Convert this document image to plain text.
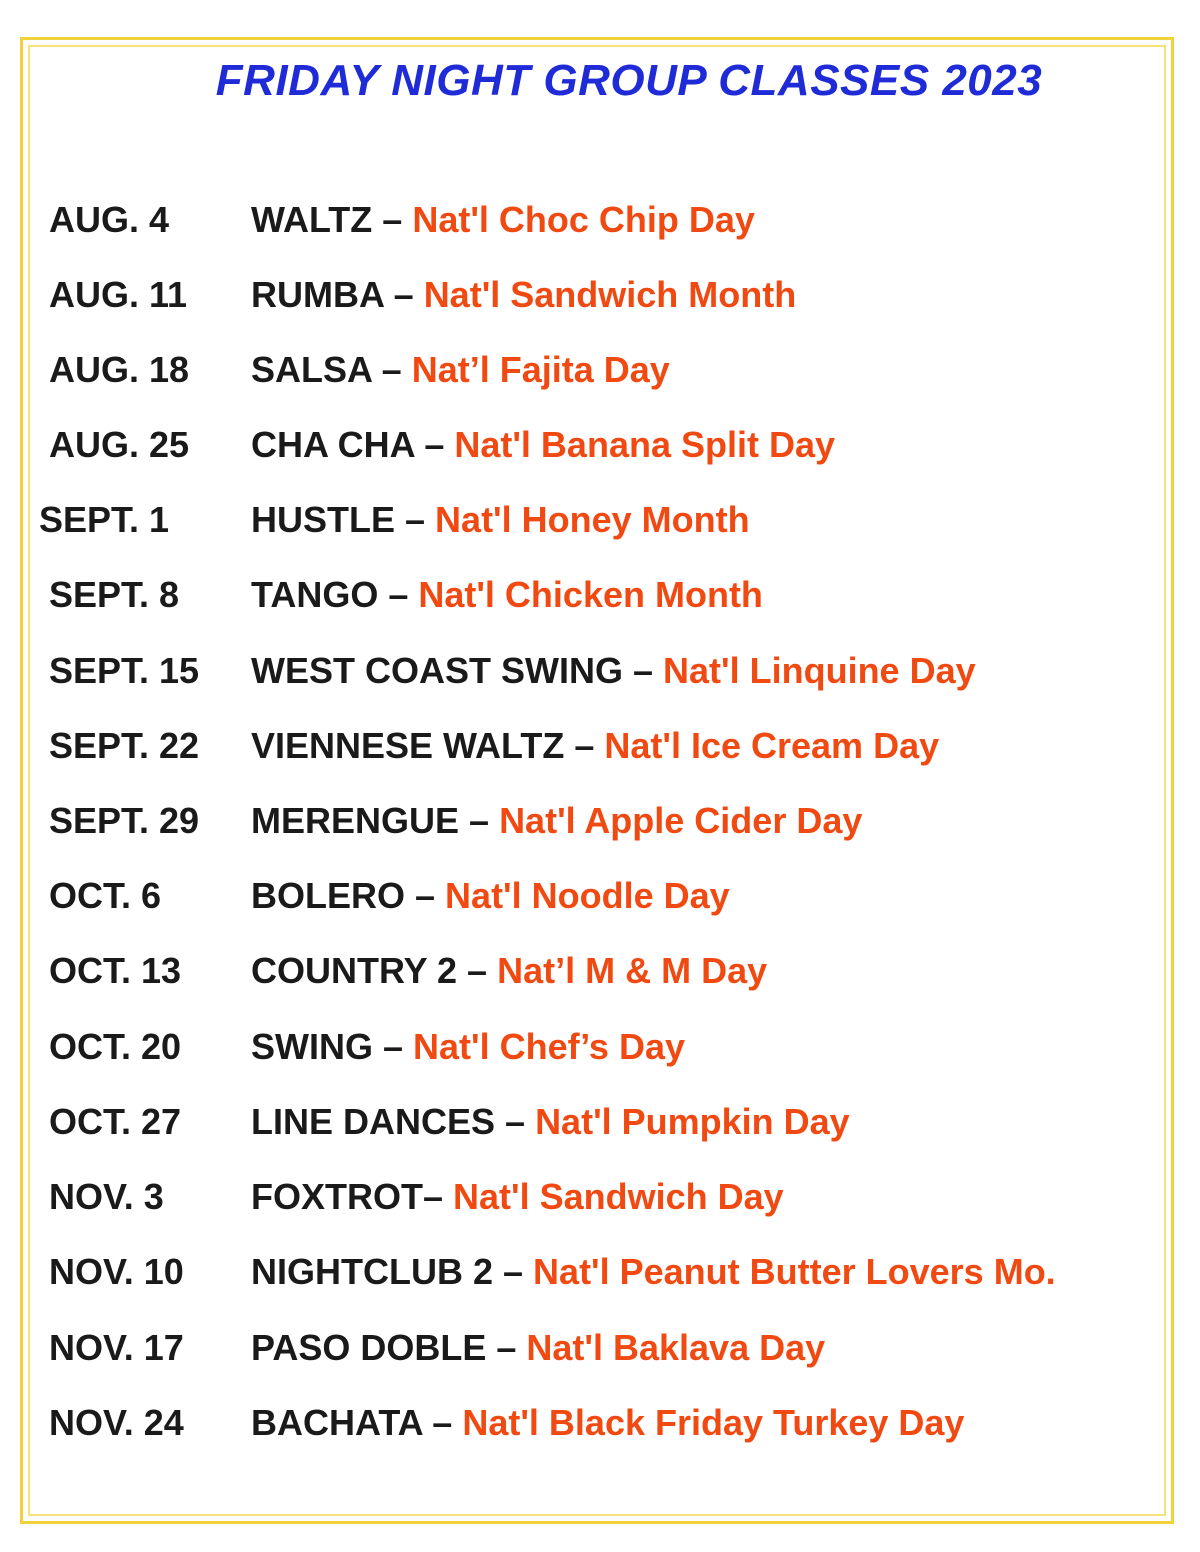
FRIDAY NIGHT GROUP CLASSES 2023
AUG. 4 WALTZ – Nat'l Choc Chip Day
AUG. 11 RUMBA – Nat'l Sandwich Month
AUG. 18 SALSA – Nat’l Fajita Day
AUG. 25 CHA CHA – Nat'l Banana Split Day
SEPT. 1 HUSTLE – Nat'l Honey Month
SEPT. 8 TANGO – Nat'l Chicken Month
SEPT. 15 WEST COAST SWING – Nat'l Linquine Day
SEPT. 22 VIENNESE WALTZ – Nat'l Ice Cream Day
SEPT. 29 MERENGUE – Nat'l Apple Cider Day
OCT. 6 BOLERO – Nat'l Noodle Day
OCT. 13 COUNTRY 2 – Nat’l M & M Day
OCT. 20 SWING – Nat'l Chef’s Day
OCT. 27 LINE DANCES – Nat'l Pumpkin Day
NOV. 3 FOXTROT– Nat'l Sandwich Day
NOV. 10 NIGHTCLUB 2 – Nat'l Peanut Butter Lovers Mo.
NOV. 17 PASO DOBLE – Nat'l Baklava Day
NOV. 24 BACHATA – Nat'l Black Friday Turkey Day
